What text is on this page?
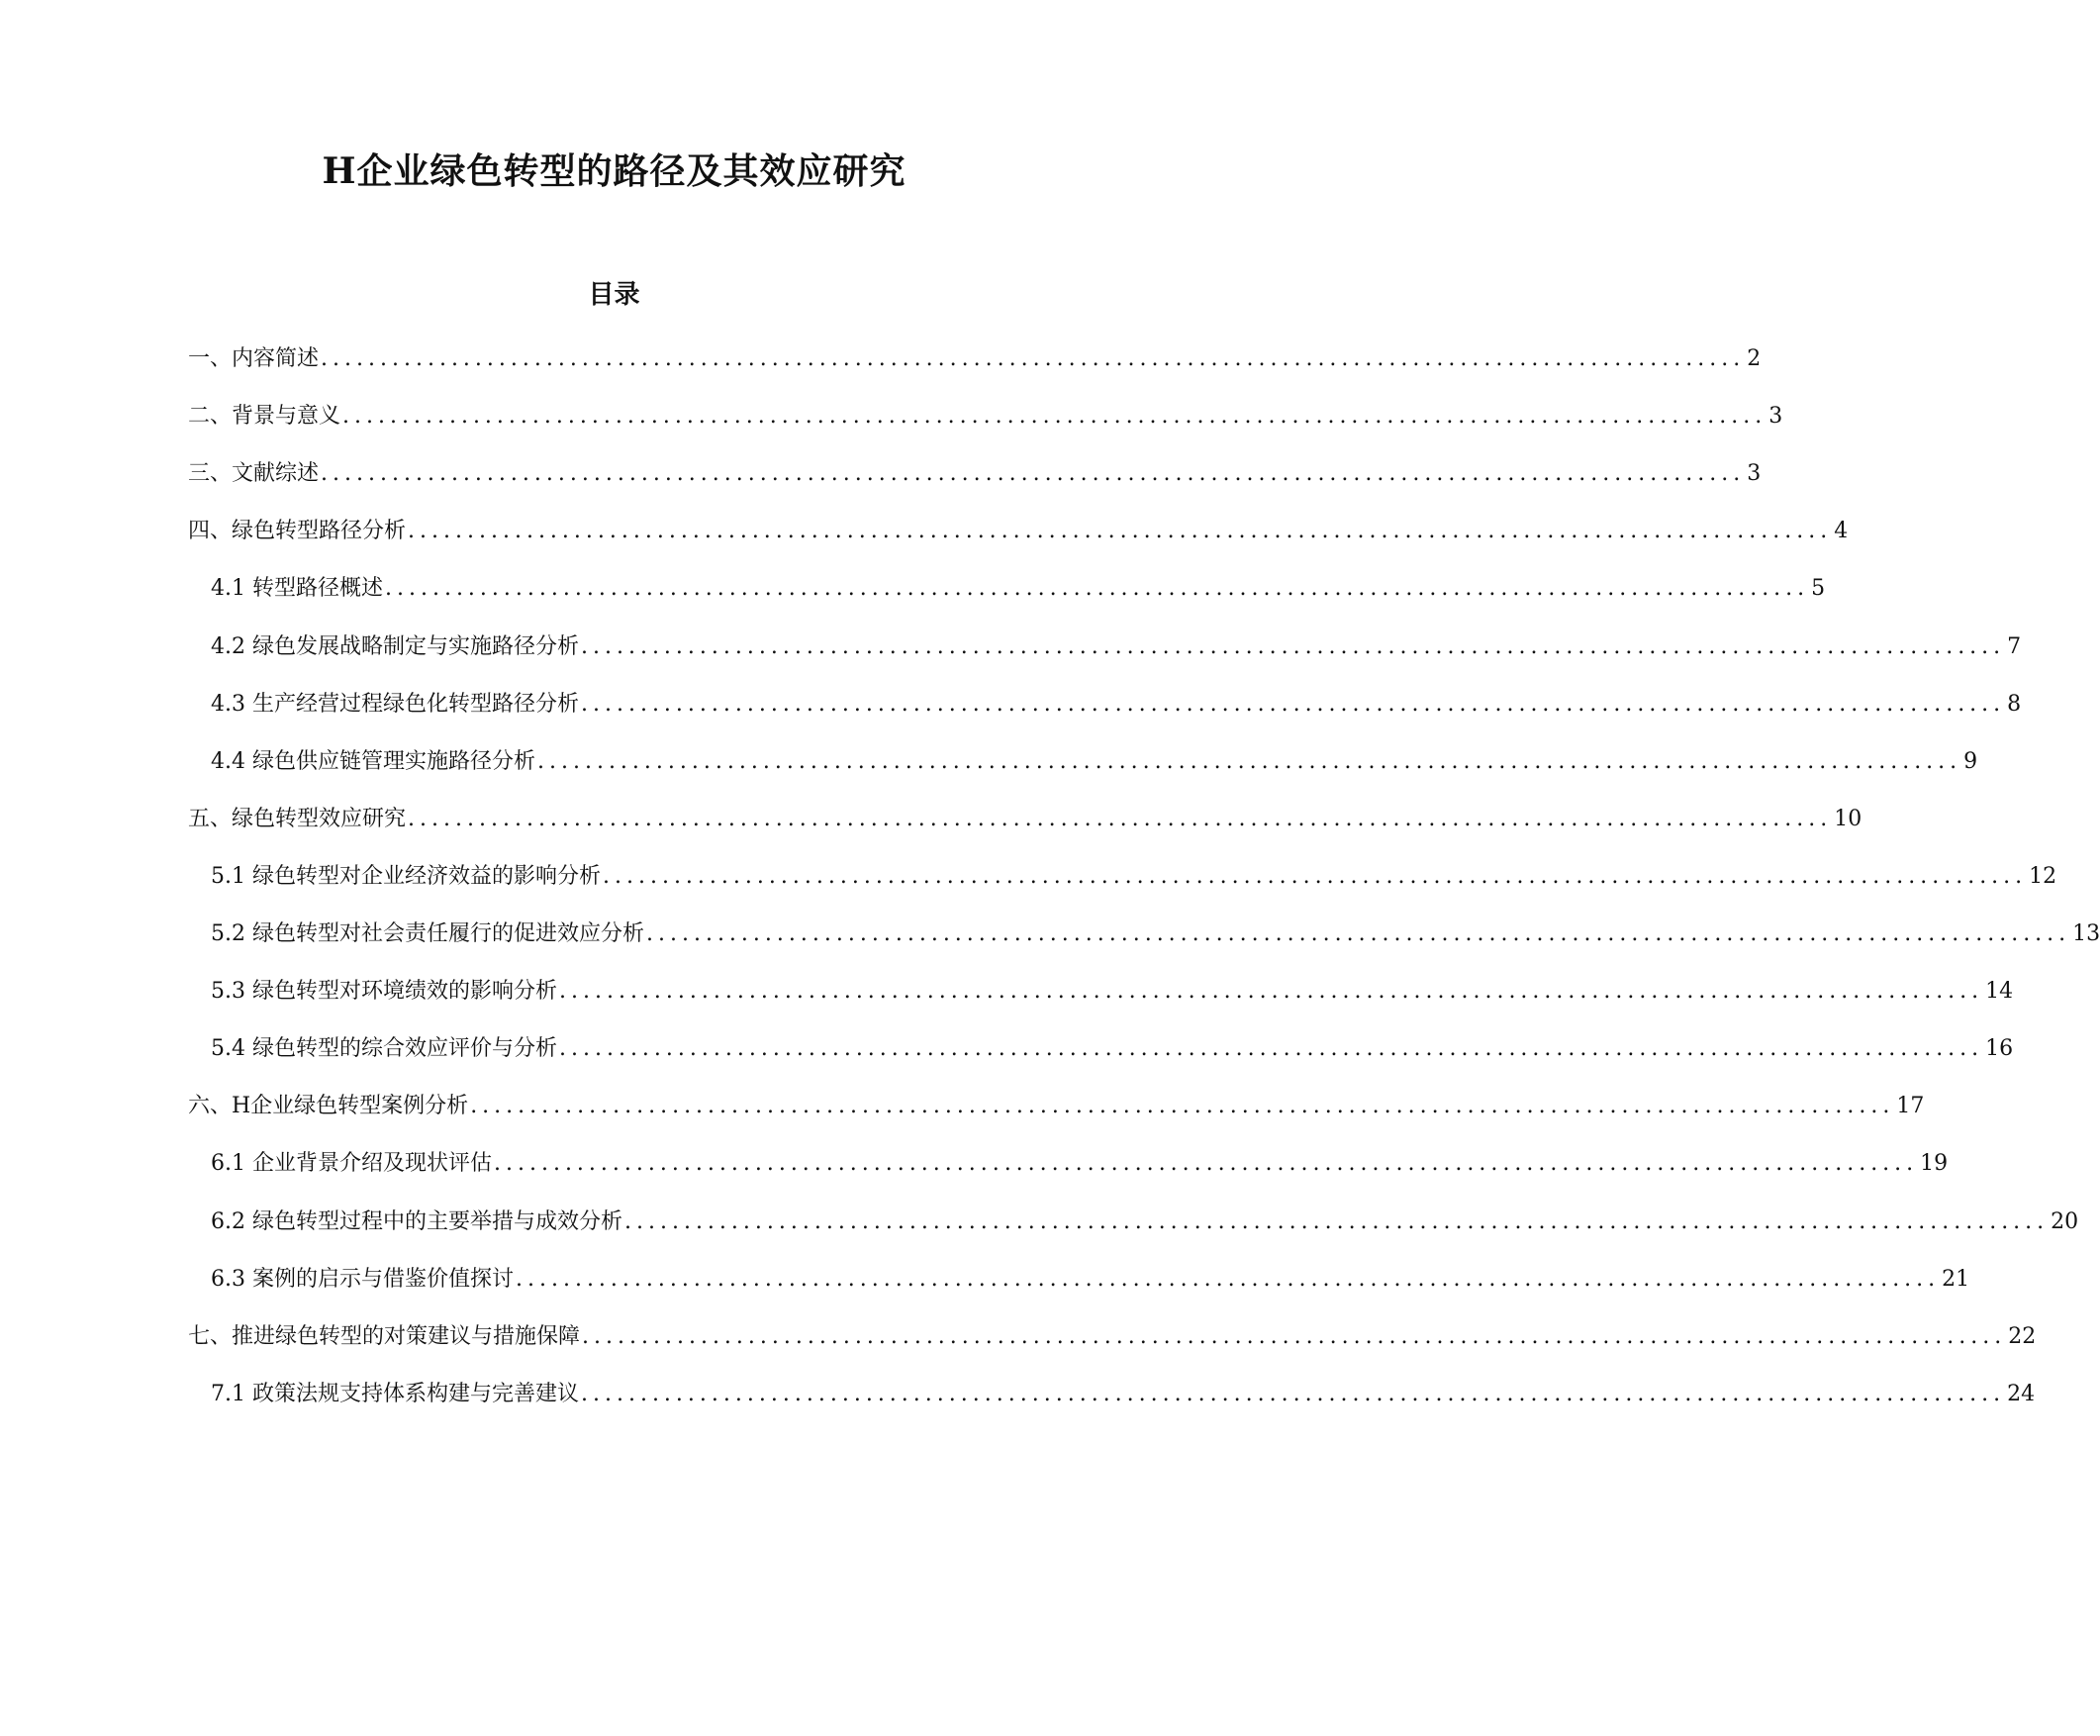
H企业绿色转型的路径及其效应研究
目录
一、内容简述 ........................................................................................................................ 2
二、背景与意义 ........................................................................................................................ 3
三、文献综述 ........................................................................................................................ 3
四、绿色转型路径分析 ........................................................................................................................ 4
4.1 转型路径概述 ........................................................................................................................ 5
4.2 绿色发展战略制定与实施路径分析 ........................................................................................................................ 7
4.3 生产经营过程绿色化转型路径分析 ........................................................................................................................ 8
4.4 绿色供应链管理实施路径分析 ........................................................................................................................ 9
五、绿色转型效应研究 ........................................................................................................................ 10
5.1 绿色转型对企业经济效益的影响分析 ........................................................................................................................ 12
5.2 绿色转型对社会责任履行的促进效应分析 ........................................................................................................................ 13
5.3 绿色转型对环境绩效的影响分析 ........................................................................................................................ 14
5.4 绿色转型的综合效应评价与分析 ........................................................................................................................ 16
六、H企业绿色转型案例分析 ........................................................................................................................ 17
6.1 企业背景介绍及现状评估 ........................................................................................................................ 19
6.2 绿色转型过程中的主要举措与成效分析 ........................................................................................................................ 20
6.3 案例的启示与借鉴价值探讨 ........................................................................................................................ 21
七、推进绿色转型的对策建议与措施保障 ........................................................................................................................ 22
7.1 政策法规支持体系构建与完善建议 ........................................................................................................................ 24
